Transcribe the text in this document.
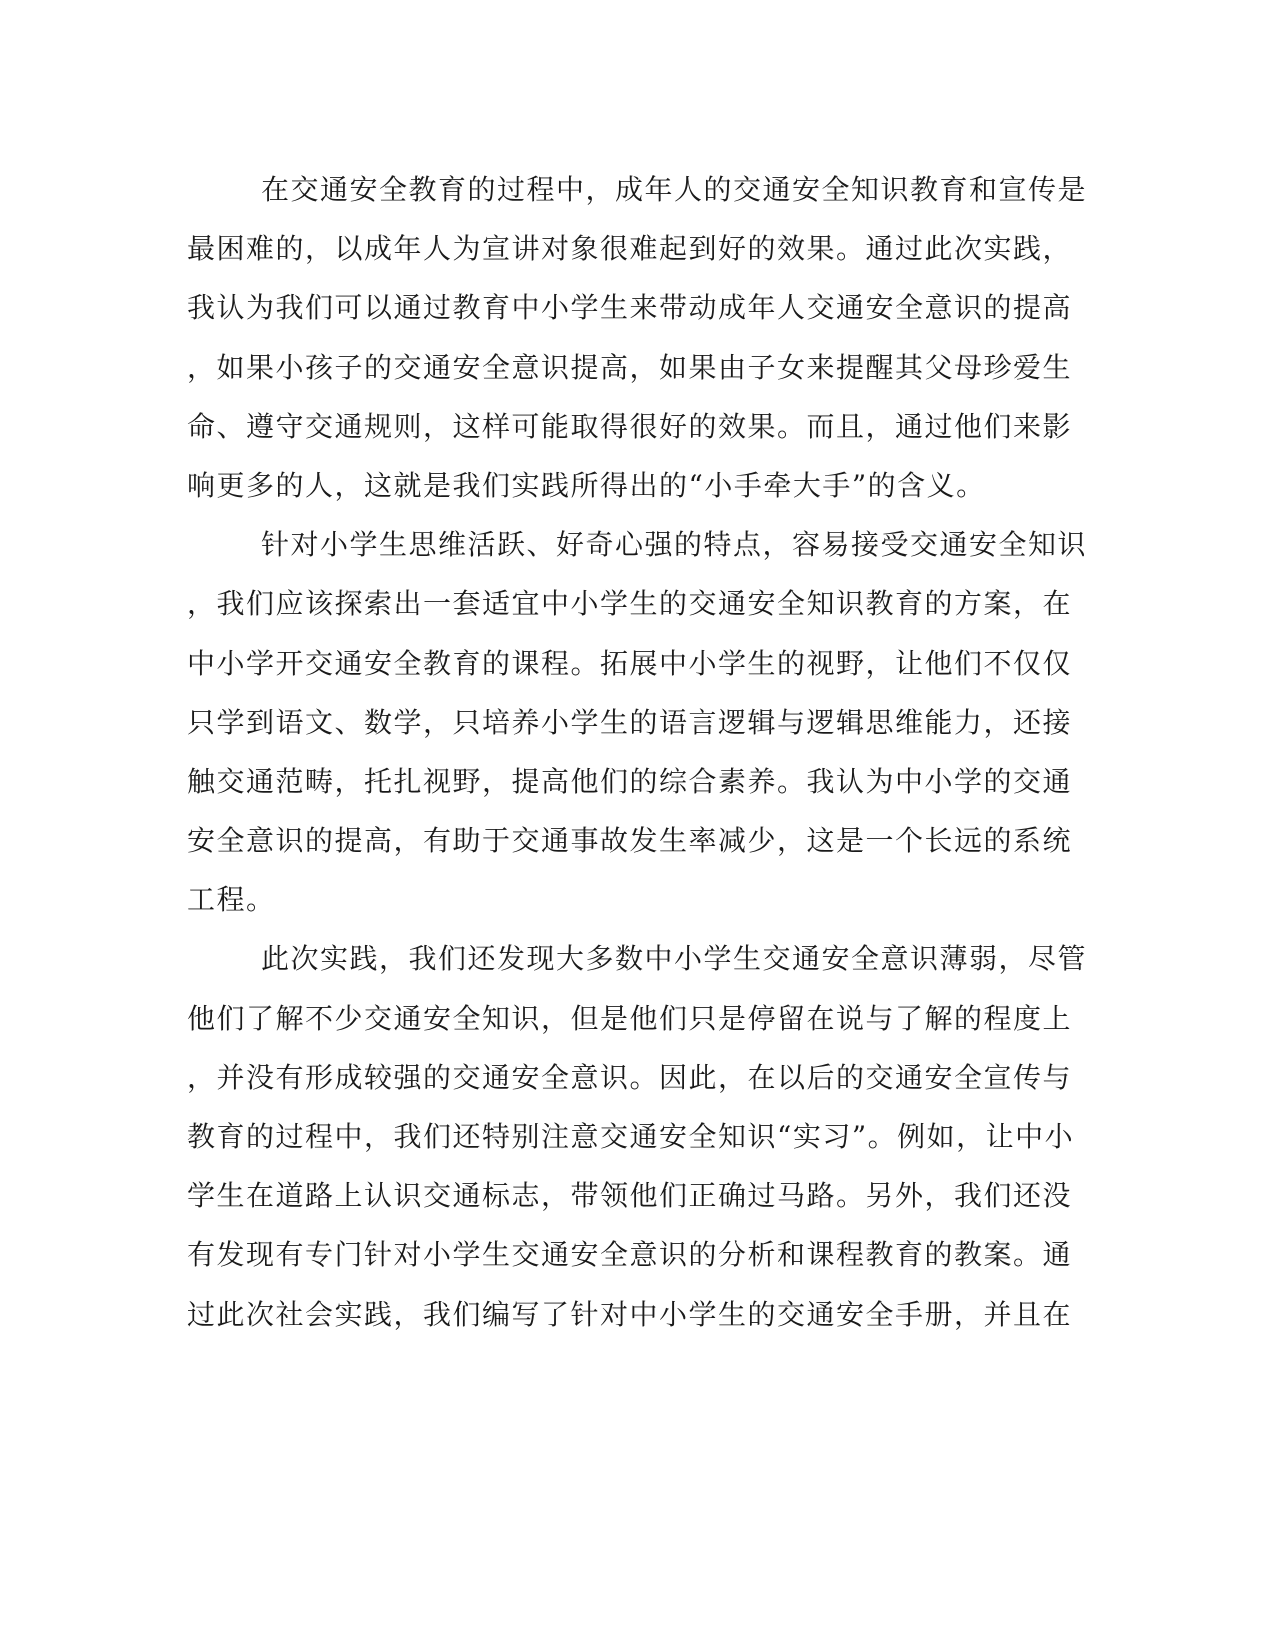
在交通安全教育的过程中，成年人的交通安全知识教育和宣传是
最困难的，以成年人为宣讲对象很难起到好的效果。通过此次实践，
我认为我们可以通过教育中小学生来带动成年人交通安全意识的提高
，如果小孩子的交通安全意识提高，如果由子女来提醒其父母珍爱生
命、遵守交通规则，这样可能取得很好的效果。而且，通过他们来影
响更多的人，这就是我们实践所得出的“小手牵大手”的含义。
针对小学生思维活跃、好奇心强的特点，容易接受交通安全知识
，我们应该探索出一套适宜中小学生的交通安全知识教育的方案，在
中小学开交通安全教育的课程。拓展中小学生的视野，让他们不仅仅
只学到语文、数学，只培养小学生的语言逻辑与逻辑思维能力，还接
触交通范畴，托扎视野，提高他们的综合素养。我认为中小学的交通
安全意识的提高，有助于交通事故发生率减少，这是一个长远的系统
工程。
此次实践，我们还发现大多数中小学生交通安全意识薄弱，尽管
他们了解不少交通安全知识，但是他们只是停留在说与了解的程度上
，并没有形成较强的交通安全意识。因此，在以后的交通安全宣传与
教育的过程中，我们还特别注意交通安全知识“实习”。例如，让中小
学生在道路上认识交通标志，带领他们正确过马路。另外，我们还没
有发现有专门针对小学生交通安全意识的分析和课程教育的教案。通
过此次社会实践，我们编写了针对中小学生的交通安全手册，并且在
